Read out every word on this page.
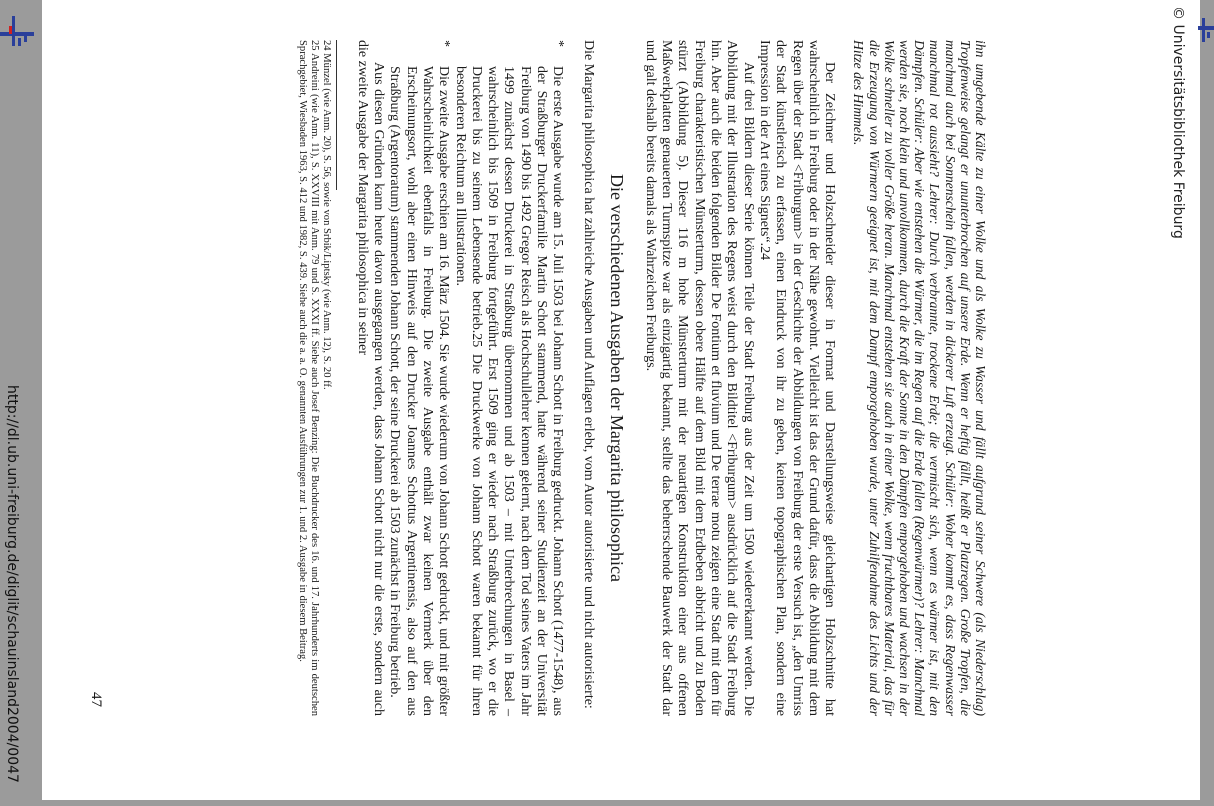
ihn umgebende Kälte zu einer Wolke und als Wolke zu Wasser und fällt aufgrund seiner Schwere (als Niederschlag) Tropfenweise gelangt er ununterbrochen auf unsere Erde. Wenn er heftig fällt, heißt er Platzregen. Große Tropfen, die manchmal auch bei Sonnenschein fallen, werden in dickerer Luft erzeugt. Schüler: Woher kommt es, dass Regenwasser manchmal rot aussieht? Lehrer: Durch verbrannte, trockene Erde; die vermischt sich, wenn es wärmer ist, mit den Dämpfen. Schüler: Aber wie entstehen die Würmer, die im Regen auf die Erde fallen (Regenwürmer)? Lehrer: Manchmal werden sie, noch klein und unvollkommen, durch die Kraft der Sonne in den Dämpfen emporgehoben und wachsen in der Wolke schneller zu voller Größe heran. Manchmal entstehen sie auch in einer Wolke, wenn fruchtbares Material, das für die Erzeugung von Würmern geeignet ist, mit dem Dampf emporgehoben wurde, unter Zuhilfenahme des Lichts und der Hitze des Himmels.

Der Zeichner und Holzschneider dieser in Format und Darstellungsweise gleichartigen Holzschnitte hat wahrscheinlich in Freiburg oder in der Nähe gewohnt. Vielleicht ist das der Grund dafür, dass die Abbildung mit dem Regen über der Stadt <Friburgum> in der Geschichte der Abbildungen von Freiburg der erste Versuch ist, „den Umriss der Stadt künstlerisch zu erfassen, einen Eindruck von ihr zu geben, keinen topographischen Plan, sondern eine Impression in der Art eines Signets“.24

Auf drei Bildern dieser Serie können Teile der Stadt Freiburg aus der Zeit um 1500 wiedererkannt werden. Die Abbildung mit der Illustration des Regens weist durch den Bildtitel <Friburgum> ausdrücklich auf die Stadt Freiburg hin. Aber auch die beiden folgenden Bilder De Fontium et fluvium und De terrae motu zeigen eine Stadt mit dem für Freiburg charakteristischen Münsterturm, dessen obere Hälfte auf dem Bild mit dem Erdbeben abbricht und zu Boden stürzt (Abbildung 5). Dieser 116 m hohe Münsterturm mit der neuartigen Konstruktion einer aus offenen Maßwerkplatten genauerten Turmspitze war als einzigartig bekannt, stellte das beherrschende Bauwerk der Stadt dar und galt deshalb bereits damals als Wahrzeichen Freiburgs.

Die verschiedenen Ausgaben der Margarita philosophica

Die Margarita philosophica hat zahlreiche Ausgaben und Auflagen erlebt, vom Autor autorisierte und nicht autorisierte:

*

Die erste Ausgabe wurde am 15. Juli 1503 bei Johann Schott in Freiburg gedruckt. Johann Schott (1477-1548), aus der Straßburger Druckerfamilie Martin Schott stammend, hatte während seiner Studienzeit an der Universität Freiburg von 1490 bis 1492 Gregor Reisch als Hochschullehrer kennen gelernt, nach dem Tod seines Vaters im Jahr 1499 zunächst dessen Druckerei in Straßburg übernommen und ab 1503 – mit Unterbrechungen in Basel – wahrscheinlich bis 1509 in Freiburg fortgeführt. Erst 1509 ging er wieder nach Straßburg zurück, wo er die Druckerei bis zu seinem Lebensende betrieb.25 Die Druckwerke von Johann Schott waren bekannt für ihren besonderen Reichtum an Illustrationen.

*

Die zweite Ausgabe erschien am 16. März 1504. Sie wurde wiederum von Johann Schott gedruckt, und mit größter Wahrscheinlichkeit ebenfalls in Freiburg. Die zweite Ausgabe enthält zwar keinen Vermerk über den Erscheinungsort, wohl aber einen Hinweis auf den Drucker Joannes Schottus Argentinensis, also auf den aus Straßburg (Argentoratum) stammenden Johann Schott, der seine Druckerei ab 1503 zunächst in Freiburg betrieb.

Aus diesen Gründen kann heute davon ausgegangen werden, dass Johann Schott nicht nur die erste, sondern auch die zweite Ausgabe der Margarita philosophica in seiner

24 Münzel (wie Anm. 20), S. 56, sowie von Srbik/Liptsky (wie Anm. 12), S. 20 ff.

25 Andreini (wie Anm. 11), S. XXVIII mit Anm. 79 und S. XXXI ff. Siehe auch Josef Benzing: Die Buchdrucker des 16. und 17. Jahrhunderts im deutschen Sprachgebiet, Wiesbaden 1963, S. 412 und 1982, S. 439. Siehe auch die a. a. O. genannten Ausführungen zur 1. und 2. Ausgabe in diesem Beitrag.

47
© Universitätsbibliothek Freiburg
http://dl.ub.uni-freiburg.de/diglit/schauinsland2004/0047
